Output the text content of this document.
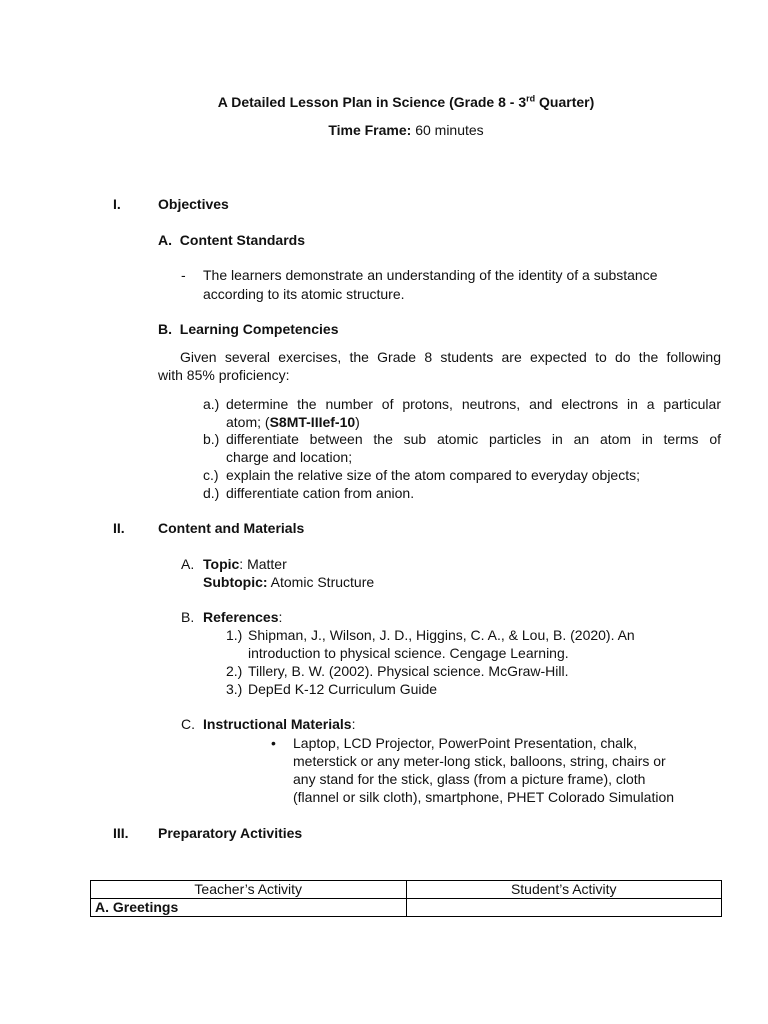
A Detailed Lesson Plan in Science (Grade 8 - 3rd Quarter)
Time Frame: 60 minutes
I.	Objectives
A.  Content Standards
- The learners demonstrate an understanding of the identity of a substance
according to its atomic structure.
B.  Learning Competencies
Given several exercises, the Grade 8 students are expected to do the following
with 85% proficiency:
a.) determine the number of protons, neutrons, and electrons in a particular
atom; (S8MT-IIIef-10)
b.) differentiate between the sub atomic particles in an atom in terms of
charge and location;
c.) explain the relative size of the atom compared to everyday objects;
d.) differentiate cation from anion.
II. Content and Materials
A. Topic: Matter
Subtopic: Atomic Structure
B. References:
1.) Shipman, J., Wilson, J. D., Higgins, C. A., & Lou, B. (2020). An
introduction to physical science. Cengage Learning.
2.) Tillery, B. W. (2002). Physical science. McGraw-Hill.
3.) DepEd K-12 Curriculum Guide
C. Instructional Materials:
• Laptop, LCD Projector, PowerPoint Presentation, chalk,
meterstick or any meter-long stick, balloons, string, chairs or
any stand for the stick, glass (from a picture frame), cloth
(flannel or silk cloth), smartphone, PHET Colorado Simulation
III. Preparatory Activities
Teacher’s Activity	Student’s Activity
A. Greetings	
